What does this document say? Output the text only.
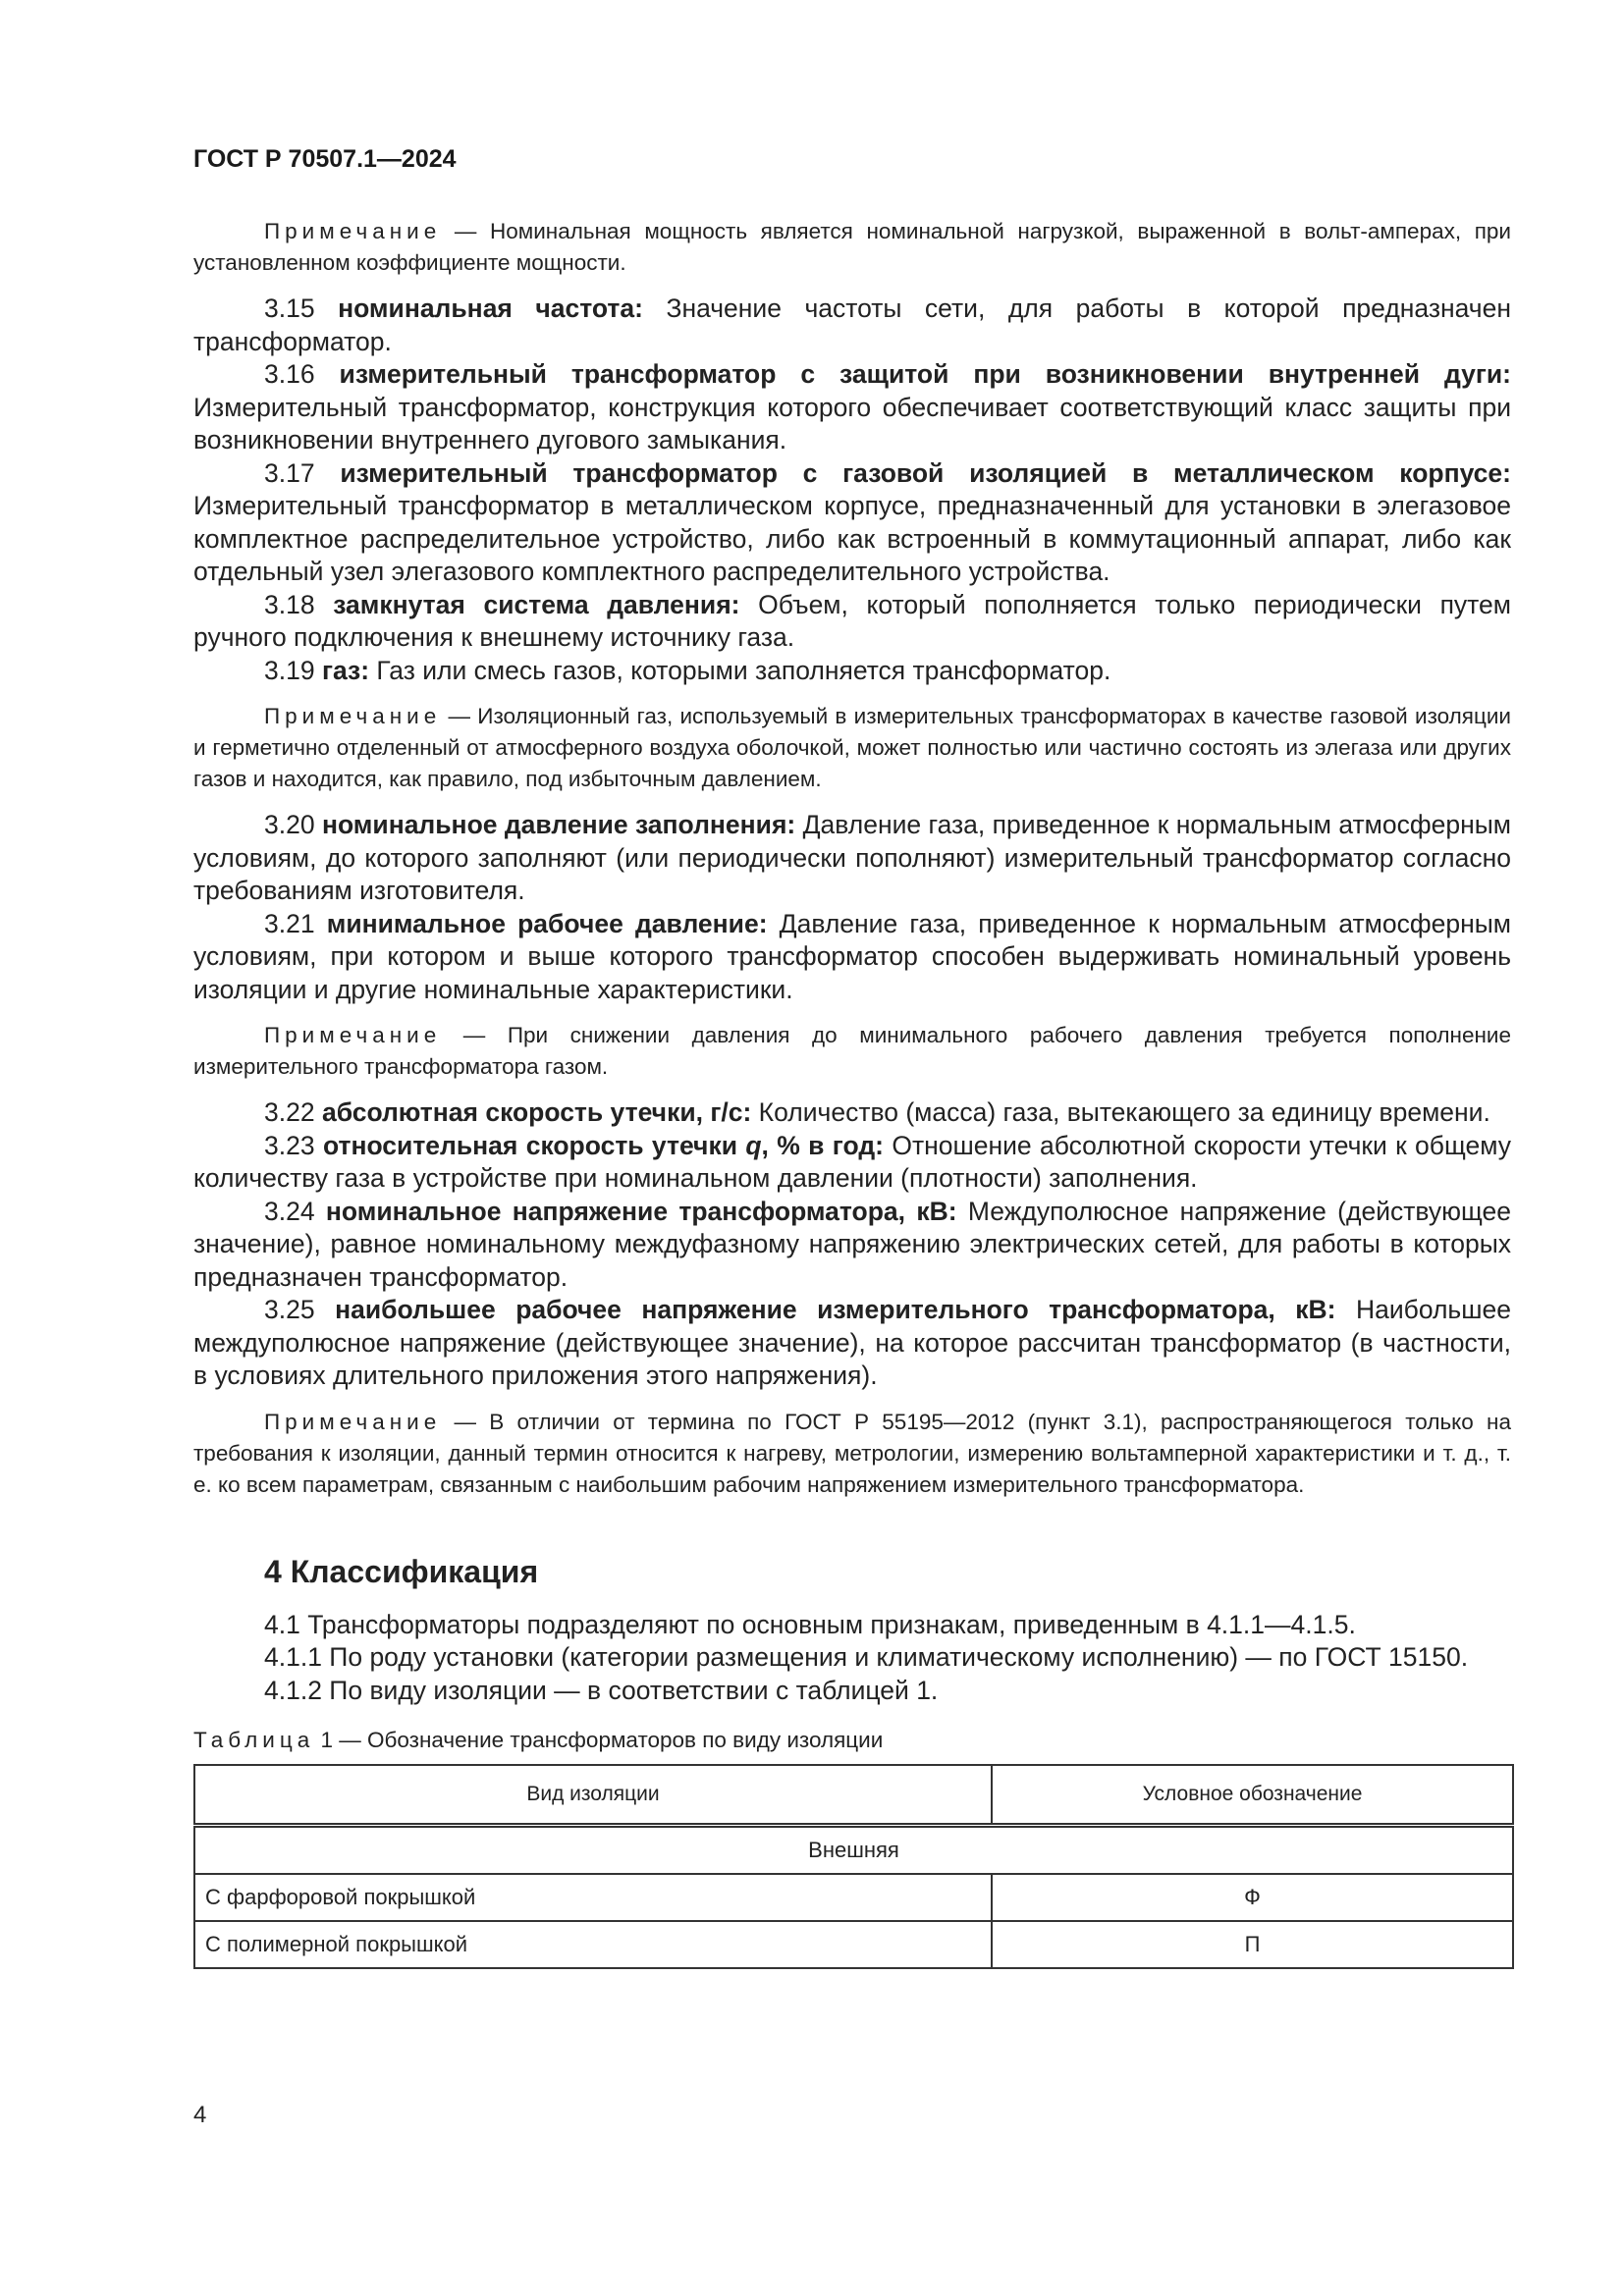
ГОСТ Р 70507.1—2024

Примечание — Номинальная мощность является номинальной нагрузкой, выраженной в вольт-амперах, при установленном коэффициенте мощности.

3.15 номинальная частота: Значение частоты сети, для работы в которой предназначен трансформатор.

3.16 измерительный трансформатор с защитой при возникновении внутренней дуги: Измерительный трансформатор, конструкция которого обеспечивает соответствующий класс защиты при возникновении внутреннего дугового замыкания.

3.17 измерительный трансформатор с газовой изоляцией в металлическом корпусе: Измерительный трансформатор в металлическом корпусе, предназначенный для установки в элегазовое комплектное распределительное устройство, либо как встроенный в коммутационный аппарат, либо как отдельный узел элегазового комплектного распределительного устройства.

3.18 замкнутая система давления: Объем, который пополняется только периодически путем ручного подключения к внешнему источнику газа.

3.19 газ: Газ или смесь газов, которыми заполняется трансформатор.

Примечание — Изоляционный газ, используемый в измерительных трансформаторах в качестве газовой изоляции и герметично отделенный от атмосферного воздуха оболочкой, может полностью или частично состоять из элегаза или других газов и находится, как правило, под избыточным давлением.

3.20 номинальное давление заполнения: Давление газа, приведенное к нормальным атмосферным условиям, до которого заполняют (или периодически пополняют) измерительный трансформатор согласно требованиям изготовителя.

3.21 минимальное рабочее давление: Давление газа, приведенное к нормальным атмосферным условиям, при котором и выше которого трансформатор способен выдерживать номинальный уровень изоляции и другие номинальные характеристики.

Примечание — При снижении давления до минимального рабочего давления требуется пополнение измерительного трансформатора газом.

3.22 абсолютная скорость утечки, г/с: Количество (масса) газа, вытекающего за единицу времени.

3.23 относительная скорость утечки q, % в год: Отношение абсолютной скорости утечки к общему количеству газа в устройстве при номинальном давлении (плотности) заполнения.

3.24 номинальное напряжение трансформатора, кВ: Междуполюсное напряжение (действующее значение), равное номинальному междуфазному напряжению электрических сетей, для работы в которых предназначен трансформатор.

3.25 наибольшее рабочее напряжение измерительного трансформатора, кВ: Наибольшее междуполюсное напряжение (действующее значение), на которое рассчитан трансформатор (в частности, в условиях длительного приложения этого напряжения).

Примечание — В отличии от термина по ГОСТ Р 55195—2012 (пункт 3.1), распространяющегося только на требования к изоляции, данный термин относится к нагреву, метрологии, измерению вольтамперной характеристики и т. д., т. е. ко всем параметрам, связанным с наибольшим рабочим напряжением измерительного трансформатора.

4 Классификация

4.1 Трансформаторы подразделяют по основным признакам, приведенным в 4.1.1—4.1.5.

4.1.1 По роду установки (категории размещения и климатическому исполнению) — по ГОСТ 15150.

4.1.2 По виду изоляции — в соответствии с таблицей 1.

Таблица 1 — Обозначение трансформаторов по виду изоляции

Вид изоляции	Условное обозначение
Внешняя	
С фарфоровой покрышкой	Ф
С полимерной покрышкой	П
4
